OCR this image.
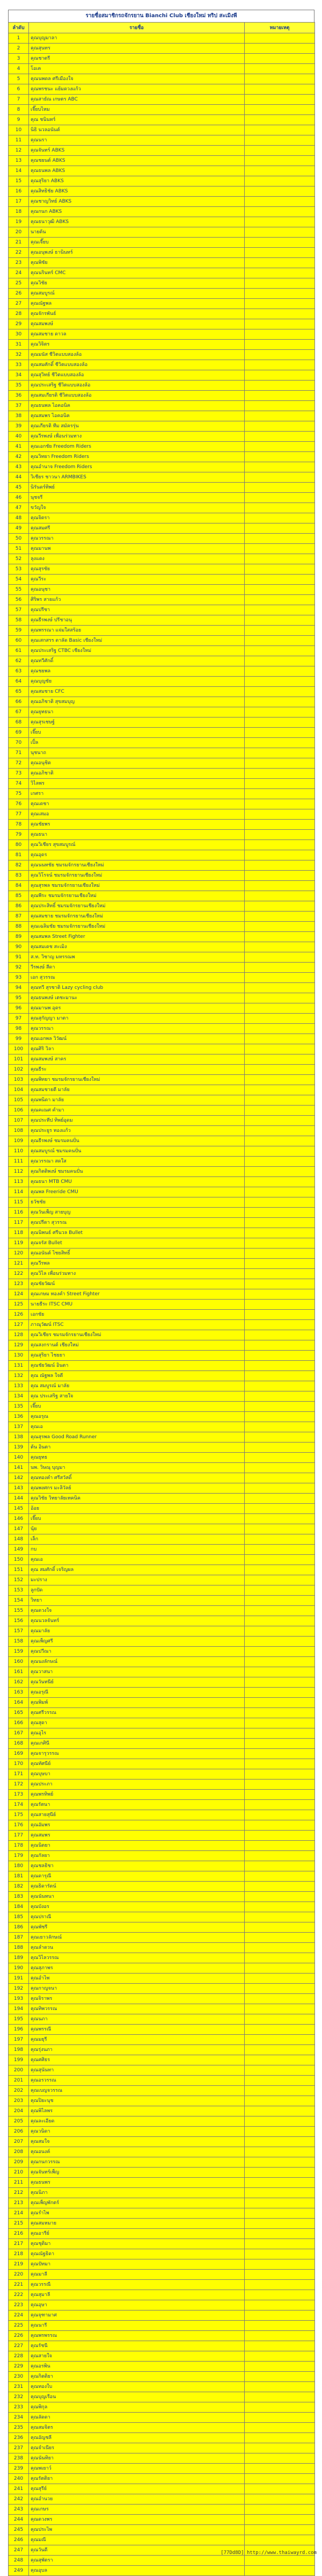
รายชื่อสมาชิกรถจักรยาน Bianchi Club เชียงใหม่ ทริป สะเมิงพี
ลำดับ	รายชื่อ	หมายเหตุ
1	คุณบุญมาลา	
2	คุณสุนทร	
3	คุณชาตรี	
4	โอเค	
5	คุณนพดล ศรีเมืองใจ	
6	คุณพรชนะ แย้มดวงแก้ว	
7	คุณสายัณ เกษตร ABC	
8	เจี๊ยบไหม	
9	คุณ ชนินทร์	
10	นิธิ นวลอนันต์	
11	คุณนรา	
12	คุณจันทร์ ABKS	
13	คุณชยนต์ ABKS	
14	คุณธนพล ABKS	
15	คุณสุริยา ABKS	
16	คุณสิทธิชัย ABKS	
17	คุณชาญวิทย์ ABKS	
18	คุณกนก ABKS	
19	คุณธนาวุฒิ ABKS	
20	นายต้น	
21	คุณเจี๊ยบ	
22	คุณอนุพงษ์ ธานินทร์	
23	คุณพิชัย	
24	คุณนรินทร์ CMC	
25	คุณวิชัย	
26	คุณสมบูรณ์	
27	คุณณัฐพล	
28	คุณจักรพันธ์	
29	คุณสมพงษ์	
30	คุณสมชาย ดาวล	
31	คุณวิจิตร	
32	คุณมนัส ชีวิตแบบสองล้อ	
33	คุณสมศักดิ์ ชีวิตแบบสองล้อ	
34	คุณสุวิทย์ ชีวิตแบบสองล้อ	
35	คุณประเสริฐ ชีวิตแบบสองล้อ	
36	คุณสมเกียรติ ชีวิตแบบสองล้อ	
37	คุณธนพล ไอคอนิค	
38	คุณสมพร ไอคอนิค	
39	คุณเกียรติ ทีม สมัครรุ่น	
40	คุณวีรพงษ์ เพื่อนร่วมทาง	
41	คุณเอกชัย Freedom Riders	
42	คุณวิทยา Freedom Riders	
43	คุณอำนาจ Freedom Riders	
44	วิเชียร ชาวนา ARMBIKES	
45	นิรันดร์ทิพย์	
46	นุชจรี	
47	ขวัญใจ	
48	คุณจิตรา	
49	คุณสมศรี	
50	คุณวรรณา	
51	คุณมานพ	
52	ลุงแดง	
53	คุณสุรชัย	
54	คุณวีระ	
55	คุณอนุชา	
56	ศิริพร สายแก้ว	
57	คุณปรีชา	
58	คุณธีรพงษ์ ปรีชาอนุ	
59	คุณพรรณา แจ่มใสสร้อย	
60	คุณเสกสรร ดาลัด Basic เชียงใหม่	
61	คุณประเสริฐ CTBC เชียงใหม่	
62	คุณทวีศักดิ์	
63	คุณชยพล	
64	คุณบุญชัย	
65	คุณสมชาย CFC	
66	คุณอภิชาติ สุขสมบุญ	
67	คุณยุทธนา	
68	คุณสุรเชษฐ์	
69	เจี๊ยบ	
70	เปิ้ล	
71	นุชนาถ	
72	คุณอนุชิต	
73	คุณอภิชาติ	
74	วิไลพร	
75	เกศรา	
76	คุณเดชา	
77	คุณเสมอ	
78	คุณชัยพร	
79	คุณธนา	
80	คุณวิเชียร สุขสมบูรณ์	
81	คุณอุดร	
82	คุณนนทชัย ชมรมจักรยานเชียงใหม่	
83	คุณวิโรจน์ ชมรมจักรยานเชียงใหม่	
84	คุณสุรพล ชมรมจักรยานเชียงใหม่	
85	คุณพีระ ชมรมจักรยานเชียงใหม่	
86	คุณประสิทธิ์ ชมรมจักรยานเชียงใหม่	
87	คุณสมชาย ชมรมจักรยานเชียงใหม่	
88	คุณเฉลิมชัย ชมรมจักรยานเชียงใหม่	
89	คุณสมพล Street Fighter	
90	คุณสมเดช สะเมิง	
91	ส.ท. วิชาญ มหรรณพ	
92	วีรพงษ์ สีดา	
93	เอก สุวรรณ	
94	คุณทวี สุรชาติ Lazy cycling club	
95	คุณธนพงษ์ เตชะมานะ	
96	คุณมานพ อุดร	
97	คุณสุกัญญา มาตา	
98	คุณวรรณา	
99	คุณเอกพล วิวัฒน์	
100	คุณศิริ วิลา	
101	คุณสมพงษ์ สาคร	
102	คุณธีระ	
103	คุณพิทยา ชมรมจักรยานเชียงใหม่	
104	คุณสมชายดี มาลัย	
105	คุณพนิดา มาลัย	
106	คุณคเณศ คำมา	
107	คุณประทีป ทิพย์อุดม	
108	คุณประยูร ทองแก้ว	
109	คุณธีรพงษ์ ชมรมคนปั่น	
110	คุณสมบูรณ์ ชมรมคนปั่น	
111	คุณวรรณา สดใส	
112	คุณกิตติพงษ์ ชมรมคนปั่น	
113	คุณธนา MTB CMU	
114	คุณพล Freeride CMU	
115	ธวัชชัย	
116	คุณวันเพ็ญ สายบุญ	
117	คุณปรีดา สุวรรณ	
118	คุณนิพนธ์ ศรีนวล Bullet	
119	คุณจรัส Bullet	
120	คุณอนันต์ ไชยสิทธิ์	
121	คุณวีรพล	
122	คุณวิไล เพื่อนร่วมทาง	
123	คุณชัยวัฒน์	
124	คุณเกษม ทองคำ Street Fighter	
125	นายธีระ ITSC CMU	
126	เอกชัย	
127	ภาณุวัฒน์ ITSC	
128	คุณวิเชียร ชมรมจักรยานเชียงใหม่	
129	คุณสงกรานต์ เชียงใหม่	
130	คุณสุริยา ไชยยา	
131	คุณชัยวัฒน์ อินตา	
132	คุณ ณัฐพล ใจดี	
133	คุณ สมบูรณ์ มาลัย	
134	คุณ ประเสริฐ สายใจ	
135	เจี๊ยบ	
136	คุณอรุณ	
137	คุณเอ	
138	คุณสุรพล Good Road Runner	
139	ต้น อินตา	
140	คุณยุทธ	
141	นพ. วิษณุ บุญมา	
142	คุณทองคำ ศรีสวัสดิ์	
143	คุณพงศกร มะลิวัลย์	
144	คุณวิชัย วิทยาลัยเทคนิค	
145	อ้อย	
146	เจี๊ยบ	
147	นุ้ย	
148	เล็ก	
149	กบ	
150	คุณเอ	
151	คุณ สมศักดิ์ เจริญผล	
152	มะปราง	
153	ลูกปัด	
154	วิทยา	
155	คุณดวงใจ	
156	คุณนวลจันทร์	
157	คุณมาลัย	
158	คุณเพ็ญศรี	
159	คุณปวีณา	
160	คุณนงลักษณ์	
161	คุณวาสนา	
162	คุณวันทนีย์	
163	คุณอรุณี	
164	คุณพิมพ์	
165	คุณศรีวรรณ	
166	คุณสุดา	
167	คุณอุไร	
168	คุณเกศินี	
169	คุณจารุวรรณ	
170	คุณทัศนีย์	
171	คุณบุษบา	
172	คุณประภา	
173	คุณพรทิพย์	
174	คุณรัตนา	
175	คุณสายสุนีย์	
176	คุณอัมพร	
177	คุณสมพร	
178	คุณนิตยา	
179	คุณกัลยา	
180	คุณชลธิชา	
181	คุณดารุณี	
182	คุณธิดารัตน์	
183	คุณนันทนา	
184	คุณบังอร	
185	คุณปราณี	
186	คุณพัชรี	
187	คุณเยาวลักษณ์	
188	คุณลำดวน	
189	คุณวิไลวรรณ	
190	คุณสุภาพร	
191	คุณอำไพ	
192	คุณกาญจนา	
193	คุณจิราพร	
194	คุณทิพวรรณ	
195	คุณนภา	
196	คุณพรรณี	
197	คุณมยุรี	
198	คุณรุ่งนภา	
199	คุณศศิธร	
200	คุณสุนันทา	
201	คุณอรวรรณ	
202	คุณเบญจวรรณ	
203	คุณปิยะนุช	
204	คุณพิไลพร	
205	คุณละเอียด	
206	คุณวนิดา	
207	คุณสมใจ	
208	คุณอนงค์	
209	คุณกนกวรรณ	
210	คุณจันทร์เพ็ญ	
211	คุณธนพร	
212	คุณนิภา	
213	คุณเพ็ญพักตร์	
214	คุณรำไพ	
215	คุณสมหมาย	
216	คุณอารีย์	
217	คุณชุติมา	
218	คุณณัฐธิดา	
219	คุณปัทมา	
220	คุณมาลี	
221	คุณวรรณี	
222	คุณสุมาลี	
223	คุณอุษา	
224	คุณจุฑามาศ	
225	คุณนารี	
226	คุณพรพรรณ	
227	คุณรัชนี	
228	คุณสายใจ	
229	คุณอรพิน	
230	คุณกิตติยา	
231	คุณทองใบ	
232	คุณบุญเรือน	
233	คุณพิกุล	
234	คุณลัดดา	
235	คุณสมจิตร	
236	คุณอัญชลี	
237	คุณจำเนียร	
238	คุณนันทิยา	
239	คุณพเยาว์	
240	คุณรัตติยา	
241	คุณสุรีย์	
242	คุณอำนวย	
243	คุณเกษร	
244	คุณดวงพร	
245	คุณประไพ	
246	คุณมณี	
247	คุณวันดี	
248	คุณสุพัตรา	
249	คุณอุบล	
[77Dd8D] http://www.thaiwayrd.com
